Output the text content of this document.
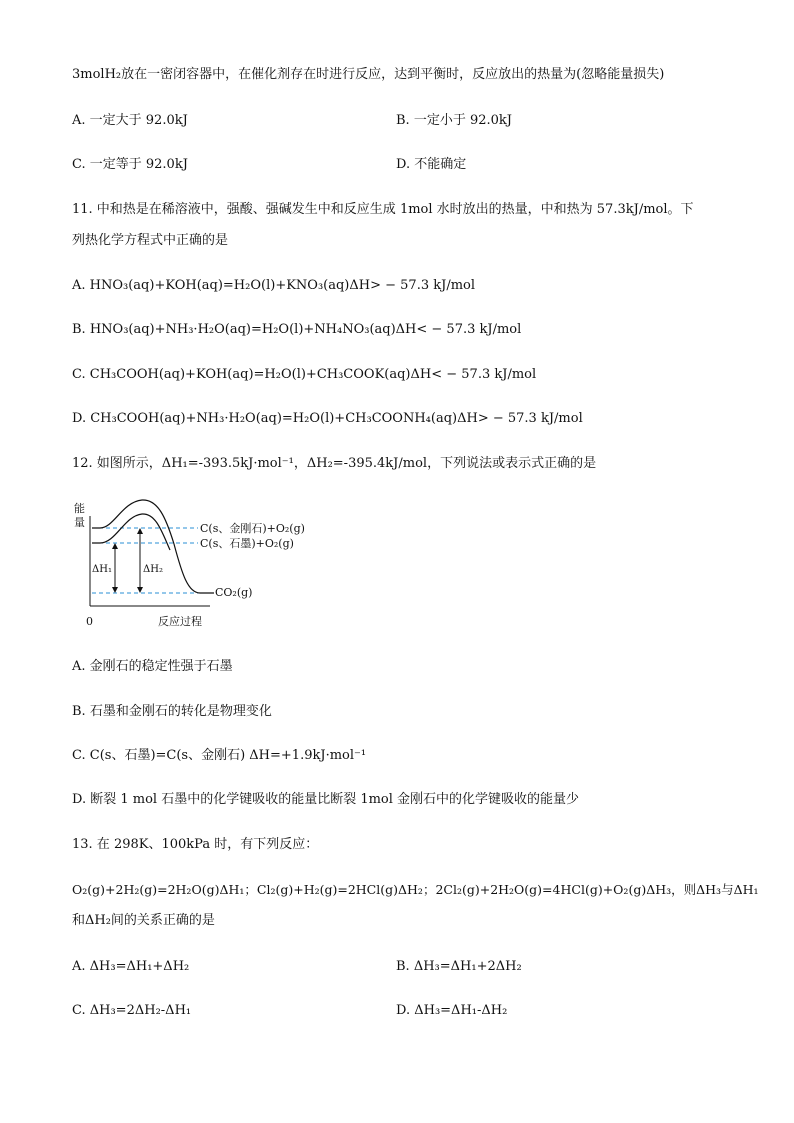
3molH₂放在一密闭容器中，在催化剂存在时进行反应，达到平衡时，反应放出的热量为(忽略能量损失)
A. 一定大于 92.0kJ	B. 一定小于 92.0kJ
C. 一定等于 92.0kJ	D. 不能确定
11. 中和热是在稀溶液中，强酸、强碱发生中和反应生成 1mol 水时放出的热量，中和热为 57.3kJ/mol。下
列热化学方程式中正确的是
A. HNO₃(aq)+KOH(aq)=H₂O(l)+KNO₃(aq)ΔH> − 57.3 kJ/mol
B. HNO₃(aq)+NH₃·H₂O(aq)=H₂O(l)+NH₄NO₃(aq)ΔH< − 57.3 kJ/mol
C. CH₃COOH(aq)+KOH(aq)=H₂O(l)+CH₃COOK(aq)ΔH< − 57.3 kJ/mol
D. CH₃COOH(aq)+NH₃·H₂O(aq)=H₂O(l)+CH₃COONH₄(aq)ΔH> − 57.3 kJ/mol
12. 如图所示，ΔH₁=-393.5kJ·mol⁻¹，ΔH₂=-395.4kJ/mol，下列说法或表示式正确的是
能
量
0	反应过程
ΔH₁	ΔH₂
C(s、金刚石)+O₂(g)
C(s、石墨)+O₂(g)
CO₂(g)
A. 金刚石的稳定性强于石墨
B. 石墨和金刚石的转化是物理变化
C. C(s、石墨)=C(s、金刚石) ΔH=+1.9kJ·mol⁻¹
D. 断裂 1 mol 石墨中的化学键吸收的能量比断裂 1mol 金刚石中的化学键吸收的能量少
13. 在 298K、100kPa 时，有下列反应：
O₂(g)+2H₂(g)=2H₂O(g)ΔH₁；Cl₂(g)+H₂(g)=2HCl(g)ΔH₂；2Cl₂(g)+2H₂O(g)=4HCl(g)+O₂(g)ΔH₃，则ΔH₃与ΔH₁
和ΔH₂间的关系正确的是
A. ΔH₃=ΔH₁+ΔH₂	B. ΔH₃=ΔH₁+2ΔH₂
C. ΔH₃=2ΔH₂-ΔH₁	D. ΔH₃=ΔH₁-ΔH₂
